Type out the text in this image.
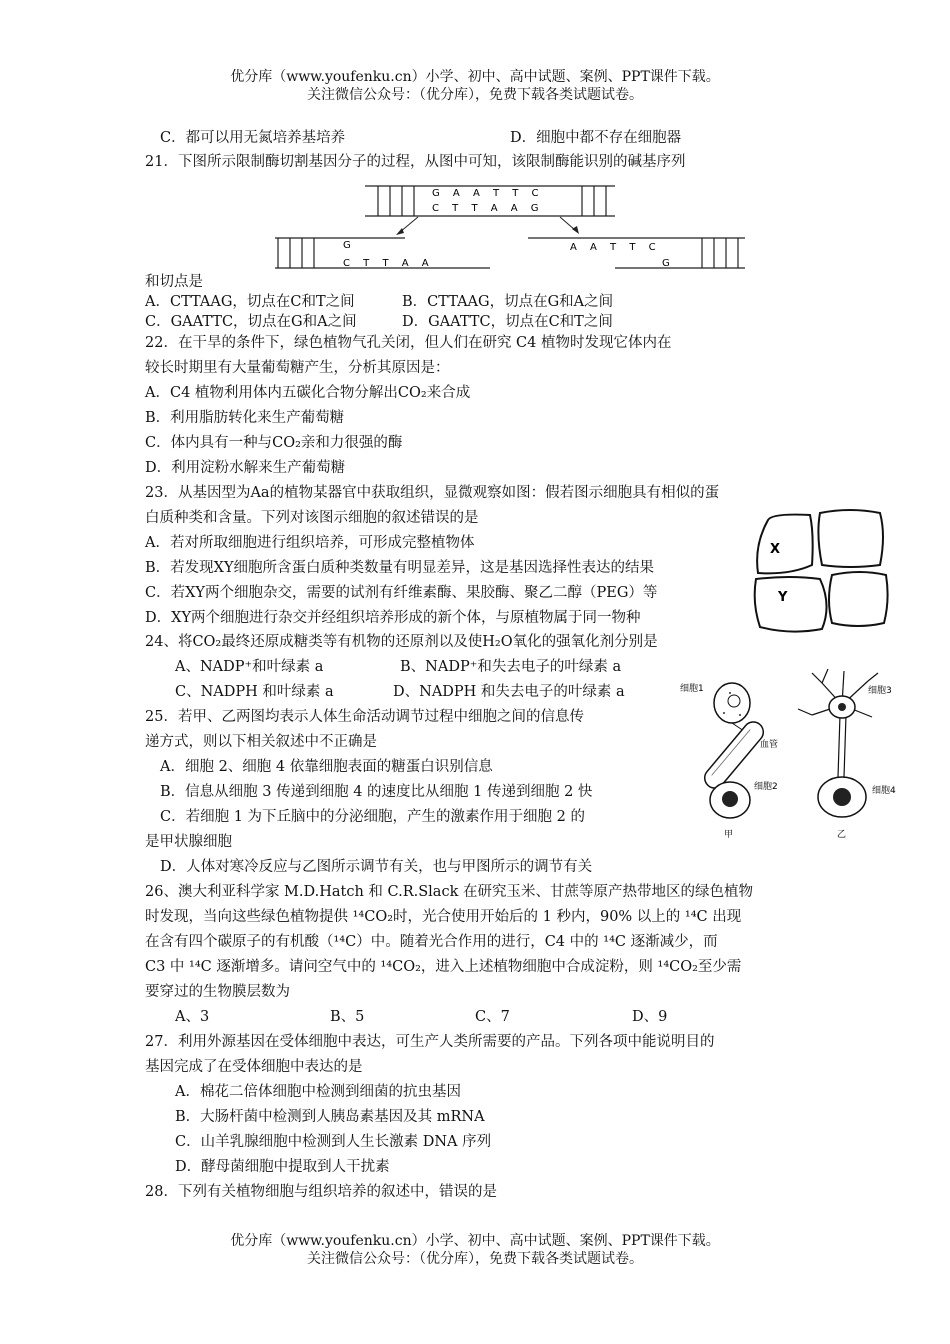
优分库（www.youfenku.cn）小学、初中、高中试题、案例、PPT课件下载。
关注微信公众号：（优分库），免费下载各类试题试卷。
C．都可以用无氮培养基培养	D．细胞中都不存在细胞器
21．下图所示限制酶切割基因分子的过程，从图中可知，该限制酶能识别的碱基序列
G A A T T C
C T T A A G
G
C T T A A
A A T T C
G
和切点是
A．CTTAAG，切点在C和T之间	B．CTTAAG，切点在G和A之间
C．GAATTC，切点在G和A之间	D．GAATTC，切点在C和T之间
22．在干旱的条件下，绿色植物气孔关闭，但人们在研究 C4 植物时发现它体内在
较长时期里有大量葡萄糖产生，分析其原因是：
A．C4 植物利用体内五碳化合物分解出CO₂来合成
B．利用脂肪转化来生产葡萄糖
C．体内具有一种与CO₂亲和力很强的酶
D．利用淀粉水解来生产葡萄糖
23．从基因型为Aa的植物某器官中获取组织，显微观察如图：假若图示细胞具有相似的蛋
白质种类和含量。下列对该图示细胞的叙述错误的是
A．若对所取细胞进行组织培养，可形成完整植物体
B．若发现XY细胞所含蛋白质种类数量有明显差异，这是基因选择性表达的结果
C．若XY两个细胞杂交，需要的试剂有纤维素酶、果胶酶、聚乙二醇（PEG）等
D．XY两个细胞进行杂交并经组织培养形成的新个体，与原植物属于同一物种
X
Y
24、将CO₂最终还原成糖类等有机物的还原剂以及使H₂O氧化的强氧化剂分别是
A、NADP⁺和叶绿素 a	B、NADP⁺和失去电子的叶绿素 a
C、NADPH 和叶绿素 a	D、NADPH 和失去电子的叶绿素 a
25．若甲、乙两图均表示人体生命活动调节过程中细胞之间的信息传
递方式，则以下相关叙述中不正确是
A．细胞 2、细胞 4 依靠细胞表面的糖蛋白识别信息
B．信息从细胞 3 传递到细胞 4 的速度比从细胞 1 传递到细胞 2 快
C．若细胞 1 为下丘脑中的分泌细胞，产生的激素作用于细胞 2 的
是甲状腺细胞
D．人体对寒冷反应与乙图所示调节有关，也与甲图所示的调节有关
细胞1
血管
细胞2
甲
细胞3
细胞4
乙
26、澳大利亚科学家 M.D.Hatch 和 C.R.Slack 在研究玉米、甘蔗等原产热带地区的绿色植物
时发现，当向这些绿色植物提供 ¹⁴CO₂时，光合使用开始后的 1 秒内，90% 以上的 ¹⁴C 出现
在含有四个碳原子的有机酸（¹⁴C）中。随着光合作用的进行，C4 中的 ¹⁴C 逐渐减少，而
C3 中 ¹⁴C 逐渐增多。请问空气中的 ¹⁴CO₂，进入上述植物细胞中合成淀粉，则 ¹⁴CO₂至少需
要穿过的生物膜层数为
A、3	B、5	C、7	D、9
27．利用外源基因在受体细胞中表达，可生产人类所需要的产品。下列各项中能说明目的
基因完成了在受体细胞中表达的是
A．棉花二倍体细胞中检测到细菌的抗虫基因
B．大肠杆菌中检测到人胰岛素基因及其 mRNA
C．山羊乳腺细胞中检测到人生长激素 DNA 序列
D．酵母菌细胞中提取到人干扰素
28．下列有关植物细胞与组织培养的叙述中，错误的是
优分库（www.youfenku.cn）小学、初中、高中试题、案例、PPT课件下载。
关注微信公众号：（优分库），免费下载各类试题试卷。
